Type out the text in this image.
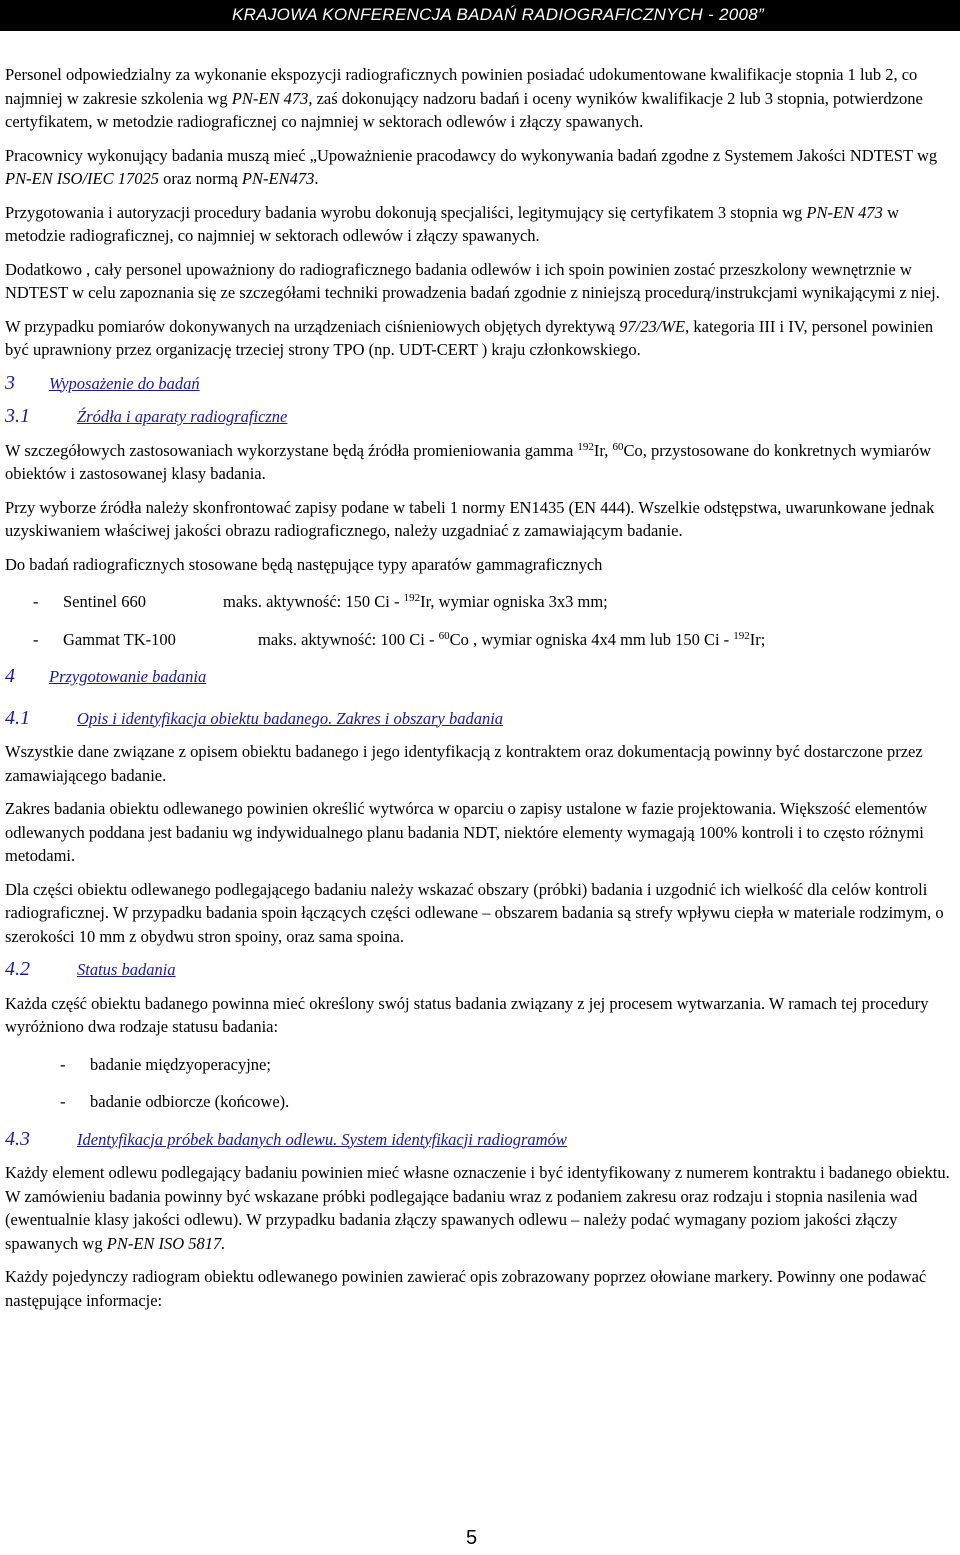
KRAJOWA KONFERENCJA BADAŃ RADIOGRAFICZNYCH - 2008”

Personel odpowiedzialny za wykonanie ekspozycji radiograficznych powinien posiadać udokumentowane kwalifikacje stopnia 1 lub 2, co najmniej w zakresie szkolenia wg PN-EN 473, zaś dokonujący nadzoru badań i oceny wyników kwalifikacje 2 lub 3 stopnia, potwierdzone certyfikatem, w metodzie radiograficznej co najmniej w sektorach odlewów i złączy spawanych.

Pracownicy wykonujący badania muszą mieć „Upoważnienie pracodawcy do wykonywania badań zgodne z Systemem Jakości NDTEST wg PN-EN ISO/IEC 17025 oraz normą PN-EN473.

Przygotowania i autoryzacji procedury badania wyrobu dokonują specjaliści, legitymujący się certyfikatem 3 stopnia wg PN-EN 473 w metodzie radiograficznej, co najmniej w sektorach odlewów i złączy spawanych.

Dodatkowo , cały personel upoważniony do radiograficznego badania odlewów i ich spoin powinien zostać przeszkolony wewnętrznie w NDTEST w celu zapoznania się ze szczegółami techniki prowadzenia badań zgodnie z niniejszą procedurą/instrukcjami wynikającymi z niej.

W przypadku pomiarów dokonywanych na urządzeniach ciśnieniowych objętych dyrektywą 97/23/WE, kategoria III i IV, personel powinien być uprawniony przez organizację trzeciej strony TPO (np. UDT-CERT ) kraju członkowskiego.

3	Wyposażenie do badań
3.1	Źródła i aparaty radiograficzne

W szczegółowych zastosowaniach wykorzystane będą źródła promieniowania gamma $^{192}$Ir, $^{60}$Co, przystosowane do konkretnych wymiarów obiektów i zastosowanej klasy badania.

Przy wyborze źródła należy skonfrontować zapisy podane w tabeli 1 normy EN1435 (EN 444). Wszelkie odstępstwa, uwarunkowane jednak uzyskiwaniem właściwej jakości obrazu radiograficznego, należy uzgadniać z zamawiającym badanie.

Do badań radiograficznych stosowane będą następujące typy aparatów gammagraficznych

-	Sentinel 660	maks. aktywność: 150 Ci - $^{192}$Ir, wymiar ogniska 3x3 mm;
-	Gammat TK-100	maks. aktywność: 100 Ci - $^{60}$Co , wymiar ogniska 4x4 mm lub 150 Ci - $^{192}$Ir;
4	Przygotowanie badania
4.1	Opis i identyfikacja obiektu badanego. Zakres i obszary badania

Wszystkie dane związane z opisem obiektu badanego i jego identyfikacją z kontraktem oraz dokumentacją powinny być dostarczone przez zamawiającego badanie.

Zakres badania obiektu odlewanego powinien określić wytwórca w oparciu o zapisy ustalone w fazie projektowania. Większość elementów odlewanych poddana jest badaniu wg indywidualnego planu badania NDT, niektóre elementy wymagają 100% kontroli i to często różnymi metodami.

Dla części obiektu odlewanego podlegającego badaniu należy wskazać obszary (próbki) badania i uzgodnić ich wielkość dla celów kontroli radiograficznej. W przypadku badania spoin łączących części odlewane – obszarem badania są strefy wpływu ciepła w materiale rodzimym, o szerokości 10 mm z obydwu stron spoiny, oraz sama spoina.

4.2	Status badania

Każda część obiektu badanego powinna mieć określony swój status badania związany z jej procesem wytwarzania. W ramach tej procedury wyróżniono dwa rodzaje statusu badania:

-	badanie międzyoperacyjne;
-	badanie odbiorcze (końcowe).
4.3	Identyfikacja próbek badanych odlewu. System identyfikacji radiogramów

Każdy element odlewu podlegający badaniu powinien mieć własne oznaczenie i być identyfikowany z numerem kontraktu i badanego obiektu. W zamówieniu badania powinny być wskazane próbki podlegające badaniu wraz z podaniem zakresu oraz rodzaju i stopnia nasilenia wad (ewentualnie klasy jakości odlewu). W przypadku badania złączy spawanych odlewu – należy podać wymagany poziom jakości złączy spawanych wg PN-EN ISO 5817.

Każdy pojedynczy radiogram obiektu odlewanego powinien zawierać opis zobrazowany poprzez ołowiane markery. Powinny one podawać następujące informacje:

5
